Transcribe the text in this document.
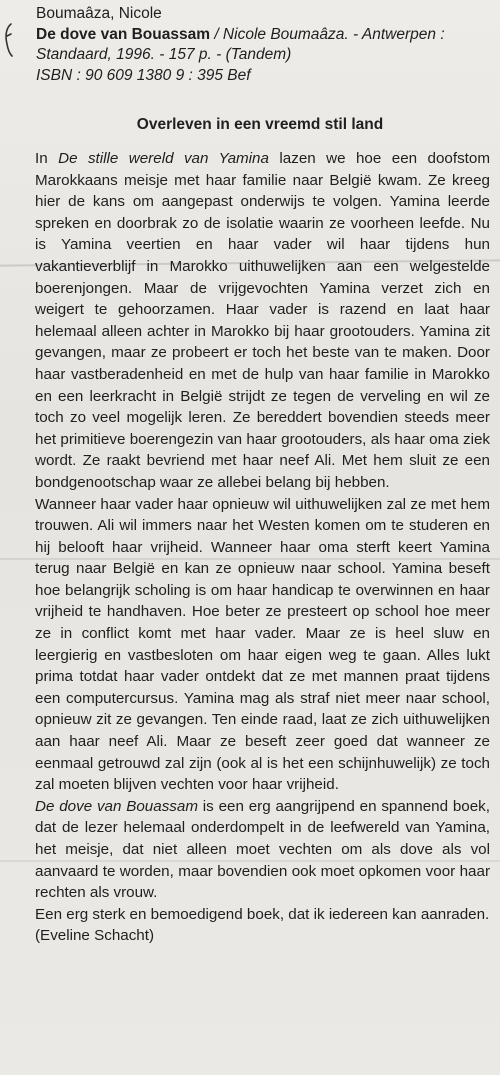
Boumaâza, Nicole
De dove van Bouassam / Nicole Boumaâza. - Antwerpen :
Standaard, 1996. - 157 p. - (Tandem)
ISBN : 90 609 1380 9 : 395 Bef
Overleven in een vreemd stil land

In De stille wereld van Yamina lazen we hoe een doofstom Marokkaans meisje met haar familie naar België kwam. Ze kreeg hier de kans om aangepast onderwijs te volgen. Yamina leerde spreken en doorbrak zo de isolatie waarin ze voorheen leefde. Nu is Yamina veertien en haar vader wil haar tijdens hun vakantieverblijf in Marokko uithuwelijken aan een welgestelde boerenjongen. Maar de vrijgevochten Yamina verzet zich en weigert te gehoorzamen. Haar vader is razend en laat haar helemaal alleen achter in Marokko bij haar grootouders. Yamina zit gevangen, maar ze probeert er toch het beste van te maken. Door haar vastberadenheid en met de hulp van haar familie in Marokko en een leerkracht in België strijdt ze tegen de verveling en wil ze toch zo veel mogelijk leren. Ze bereddert bovendien steeds meer het primitieve boerengezin van haar grootouders, als haar oma ziek wordt. Ze raakt bevriend met haar neef Ali. Met hem sluit ze een bondgenootschap waar ze allebei belang bij hebben.

Wanneer haar vader haar opnieuw wil uithuwelijken zal ze met hem trouwen. Ali wil immers naar het Westen komen om te studeren en hij belooft haar vrijheid. Wanneer haar oma sterft keert Yamina terug naar België en kan ze opnieuw naar school. Yamina beseft hoe belangrijk scholing is om haar handicap te overwinnen en haar vrijheid te handhaven. Hoe beter ze presteert op school hoe meer ze in conflict komt met haar vader. Maar ze is heel sluw en leergierig en vastbesloten om haar eigen weg te gaan. Alles lukt prima totdat haar vader ontdekt dat ze met mannen praat tijdens een computercursus. Yamina mag als straf niet meer naar school, opnieuw zit ze gevangen. Ten einde raad, laat ze zich uithuwelijken aan haar neef Ali. Maar ze beseft zeer goed dat wanneer ze eenmaal getrouwd zal zijn (ook al is het een schijnhuwelijk) ze toch zal moeten blijven vechten voor haar vrijheid.

De dove van Bouassam is een erg aangrijpend en spannend boek, dat de lezer helemaal onderdompelt in de leefwereld van Yamina, het meisje, dat niet alleen moet vechten om als dove als vol aanvaard te worden, maar bovendien ook moet opkomen voor haar rechten als vrouw.

Een erg sterk en bemoedigend boek, dat ik iedereen kan aanraden.

(Eveline Schacht)
